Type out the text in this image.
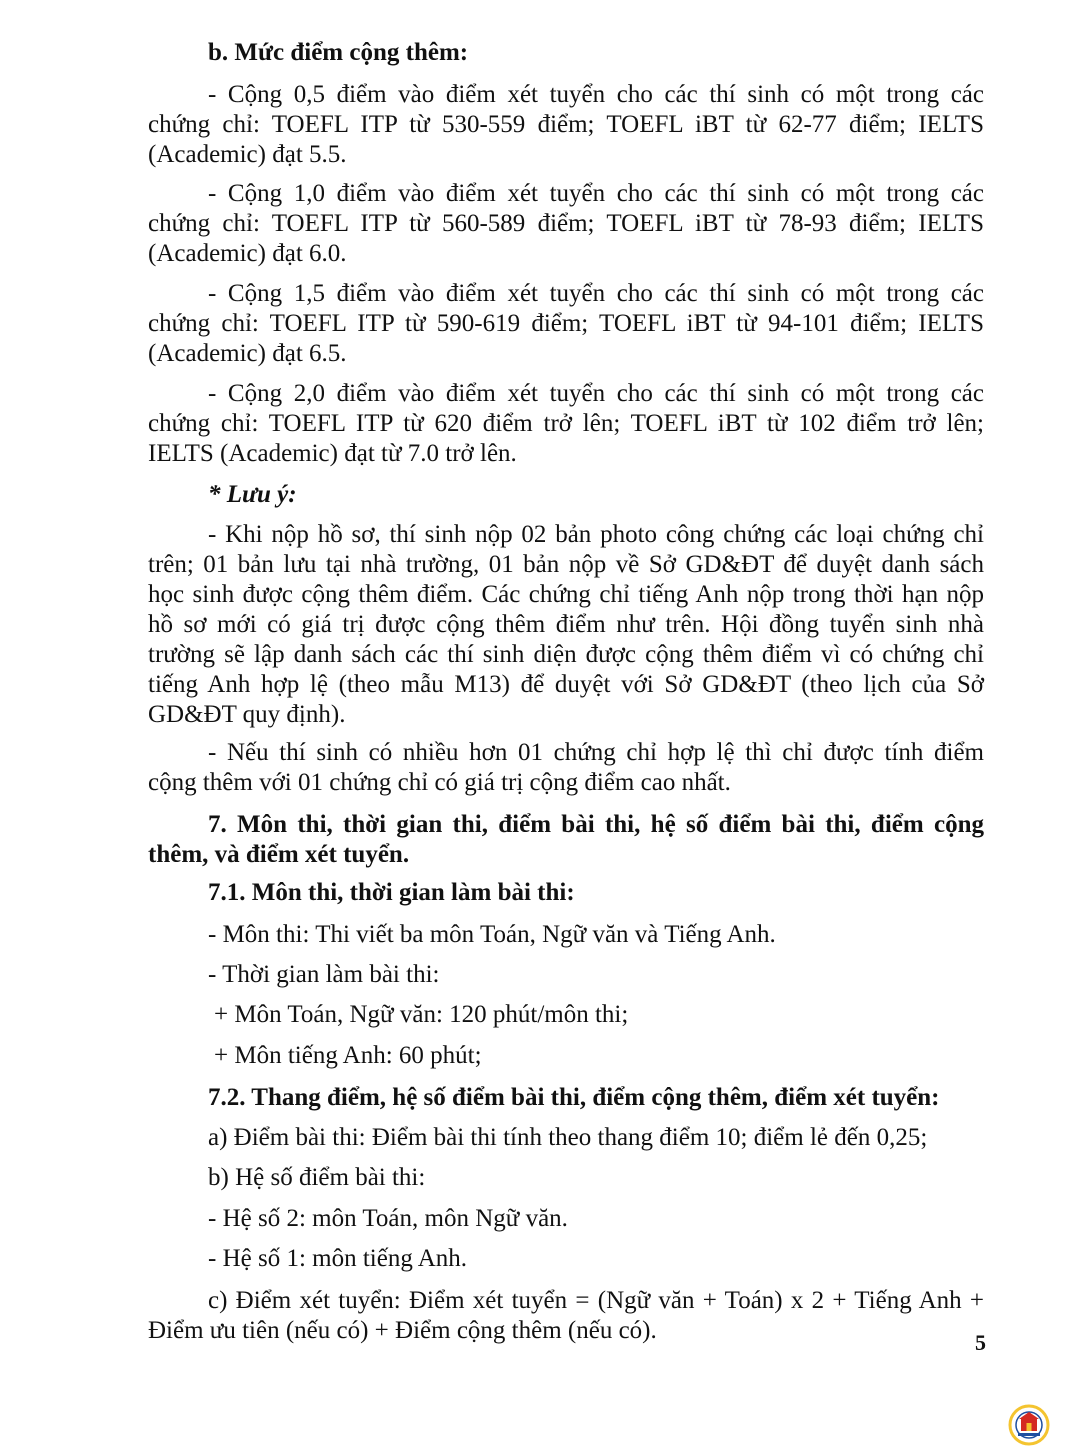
b. Mức điểm cộng thêm:
- Cộng 0,5 điểm vào điểm xét tuyển cho các thí sinh có một trong các
chứng chỉ: TOEFL ITP từ 530-559 điểm; TOEFL iBT từ 62-77 điểm; IELTS
(Academic) đạt 5.5.
- Cộng 1,0 điểm vào điểm xét tuyển cho các thí sinh có một trong các
chứng chỉ: TOEFL ITP từ 560-589 điểm; TOEFL iBT từ 78-93 điểm; IELTS
(Academic) đạt 6.0.
- Cộng 1,5 điểm vào điểm xét tuyển cho các thí sinh có một trong các
chứng chỉ: TOEFL ITP từ 590-619 điểm; TOEFL iBT từ 94-101 điểm; IELTS
(Academic) đạt 6.5.
- Cộng 2,0 điểm vào điểm xét tuyển cho các thí sinh có một trong các
chứng chỉ: TOEFL ITP từ 620 điểm trở lên; TOEFL iBT từ 102 điểm trở lên;
IELTS (Academic) đạt từ 7.0 trở lên.
* Lưu ý:
- Khi nộp hồ sơ, thí sinh nộp 02 bản photo công chứng các loại chứng chỉ
trên; 01 bản lưu tại nhà trường, 01 bản nộp về Sở GD&ĐT để duyệt danh sách
học sinh được cộng thêm điểm. Các chứng chỉ tiếng Anh nộp trong thời hạn nộp
hồ sơ mới có giá trị được cộng thêm điểm như trên. Hội đồng tuyển sinh nhà
trường sẽ lập danh sách các thí sinh diện được cộng thêm điểm vì có chứng chỉ
tiếng Anh hợp lệ (theo mẫu M13) để duyệt với Sở GD&ĐT (theo lịch của Sở
GD&ĐT quy định).
- Nếu thí sinh có nhiều hơn 01 chứng chỉ hợp lệ thì chỉ được tính điểm
cộng thêm với 01 chứng chỉ có giá trị cộng điểm cao nhất.
7. Môn thi, thời gian thi, điểm bài thi, hệ số điểm bài thi, điểm cộng
thêm, và điểm xét tuyển.
7.1. Môn thi, thời gian làm bài thi:
- Môn thi: Thi viết ba môn Toán, Ngữ văn và Tiếng Anh.
- Thời gian làm bài thi:
+ Môn Toán, Ngữ văn: 120 phút/môn thi;
+ Môn tiếng Anh: 60 phút;
7.2. Thang điểm, hệ số điểm bài thi, điểm cộng thêm, điểm xét tuyển:
a) Điểm bài thi: Điểm bài thi tính theo thang điểm 10; điểm lẻ đến 0,25;
b) Hệ số điểm bài thi:
- Hệ số 2: môn Toán, môn Ngữ văn.
- Hệ số 1: môn tiếng Anh.
c) Điểm xét tuyển: Điểm xét tuyển = (Ngữ văn + Toán) x 2 + Tiếng Anh +
Điểm ưu tiên (nếu có) + Điểm cộng thêm (nếu có).	5
